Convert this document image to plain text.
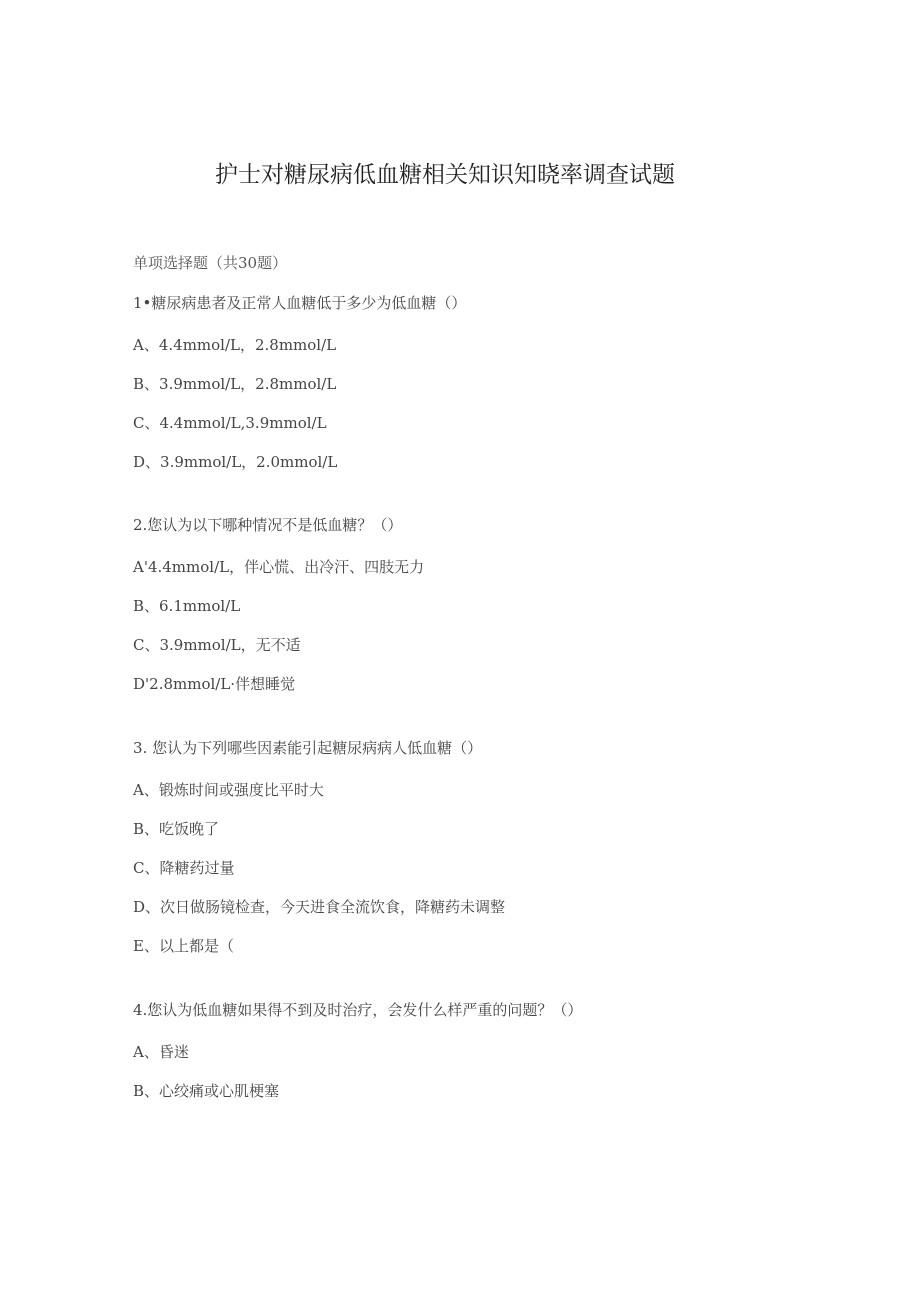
护士对糖尿病低血糖相关知识知晓率调查试题
单项选择题（共30题）
1•糖尿病患者及正常人血糖低于多少为低血糖（）
A、4.4mmol/L，2.8mmol/L
B、3.9mmol/L，2.8mmol/L
C、4.4mmol/L,3.9mmol/L
D、3.9mmol/L，2.0mmol/L
2.您认为以下哪种情况不是低血糖？（）
A'4.4mmol/L，伴心慌、出冷汗、四肢无力
B、6.1mmol/L
C、3.9mmol/L，无不适
D'2.8mmol/L·伴想睡觉
3. 您认为下列哪些因素能引起糖尿病病人低血糖（）
A、锻炼时间或强度比平时大
B、吃饭晚了
C、降糖药过量
D、次日做肠镜检查，今天进食全流饮食，降糖药未调整
E、以上都是（
4.您认为低血糖如果得不到及时治疗，会发什么样严重的问题？（）
A、昏迷
B、心绞痛或心肌梗塞
